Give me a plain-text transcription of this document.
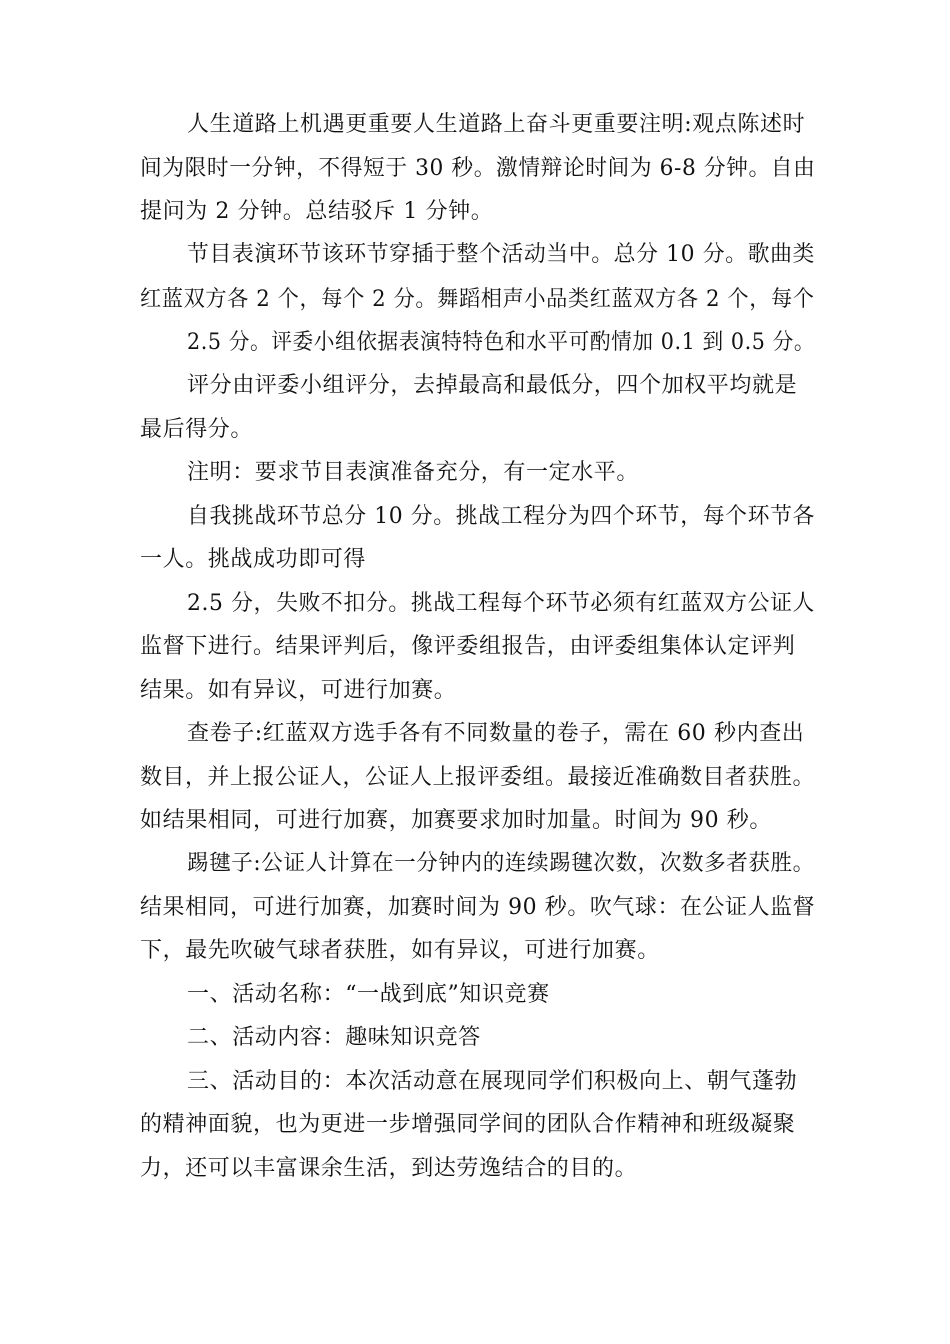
人生道路上机遇更重要人生道路上奋斗更重要注明:观点陈述时
间为限时一分钟，不得短于 30 秒。激情辩论时间为 6-8 分钟。自由
提问为 2 分钟。总结驳斥 1 分钟。
节目表演环节该环节穿插于整个活动当中。总分 10 分。歌曲类
红蓝双方各 2 个，每个 2 分。舞蹈相声小品类红蓝双方各 2 个，每个
2.5 分。评委小组依据表演特特色和水平可酌情加 0.1 到 0.5 分。
评分由评委小组评分，去掉最高和最低分，四个加权平均就是
最后得分。
注明：要求节目表演准备充分，有一定水平。
自我挑战环节总分 10 分。挑战工程分为四个环节，每个环节各
一人。挑战成功即可得
2.5 分，失败不扣分。挑战工程每个环节必须有红蓝双方公证人
监督下进行。结果评判后，像评委组报告，由评委组集体认定评判
结果。如有异议，可进行加赛。
查卷子:红蓝双方选手各有不同数量的卷子，需在 60 秒内查出
数目，并上报公证人，公证人上报评委组。最接近准确数目者获胜。
如结果相同，可进行加赛，加赛要求加时加量。时间为 90 秒。
踢毽子:公证人计算在一分钟内的连续踢毽次数，次数多者获胜。
结果相同，可进行加赛，加赛时间为 90 秒。吹气球：在公证人监督
下，最先吹破气球者获胜，如有异议，可进行加赛。
一、活动名称：“一战到底”知识竞赛
二、活动内容：趣味知识竞答
三、活动目的：本次活动意在展现同学们积极向上、朝气蓬勃
的精神面貌，也为更进一步增强同学间的团队合作精神和班级凝聚
力，还可以丰富课余生活，到达劳逸结合的目的。
